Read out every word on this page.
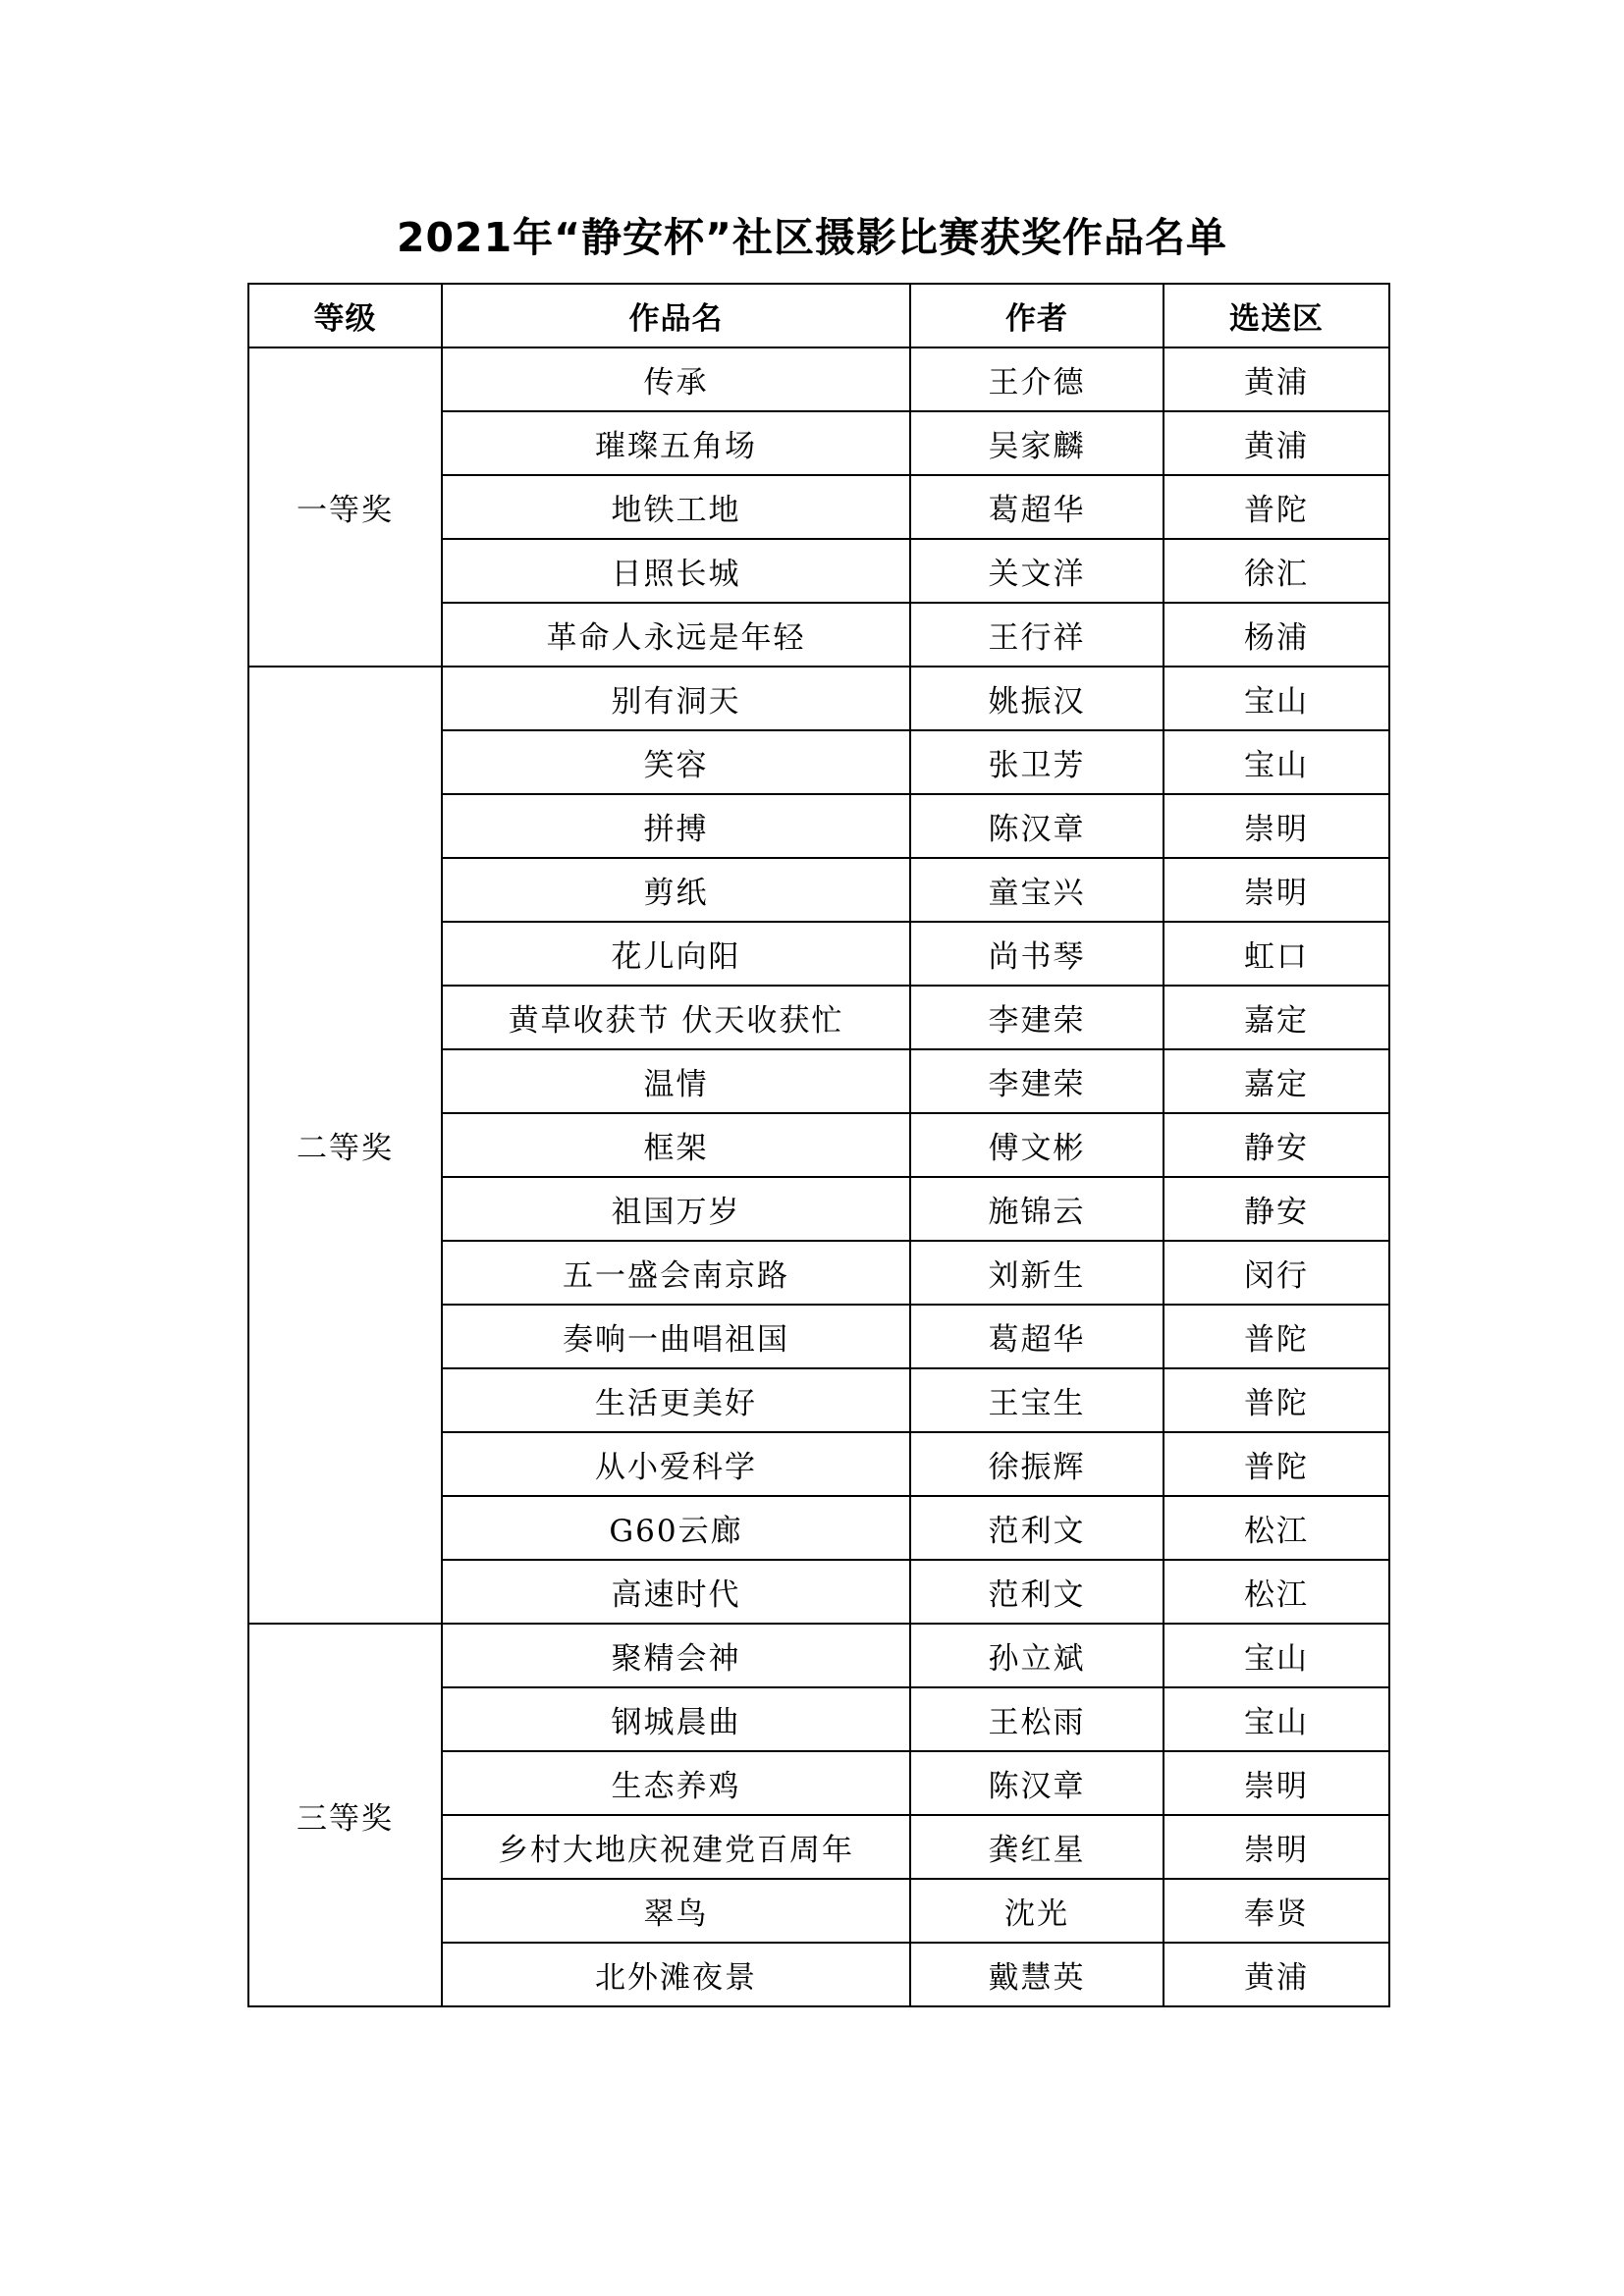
2021年“静安杯”社区摄影比赛获奖作品名单
等级	作品名	作者	选送区
一等奖	传承	王介德	黄浦
	璀璨五角场	吴家麟	黄浦
	地铁工地	葛超华	普陀
	日照长城	关文洋	徐汇
	革命人永远是年轻	王行祥	杨浦
二等奖	别有洞天	姚振汉	宝山
	笑容	张卫芳	宝山
	拼搏	陈汉章	崇明
	剪纸	童宝兴	崇明
	花儿向阳	尚书琴	虹口
	黄草收获节 伏天收获忙	李建荣	嘉定
	温情	李建荣	嘉定
	框架	傅文彬	静安
	祖国万岁	施锦云	静安
	五一盛会南京路	刘新生	闵行
	奏响一曲唱祖国	葛超华	普陀
	生活更美好	王宝生	普陀
	从小爱科学	徐振辉	普陀
	G60云廊	范利文	松江
	高速时代	范利文	松江
三等奖	聚精会神	孙立斌	宝山
	钢城晨曲	王松雨	宝山
	生态养鸡	陈汉章	崇明
	乡村大地庆祝建党百周年	龚红星	崇明
	翠鸟	沈光	奉贤
	北外滩夜景	戴慧英	黄浦
